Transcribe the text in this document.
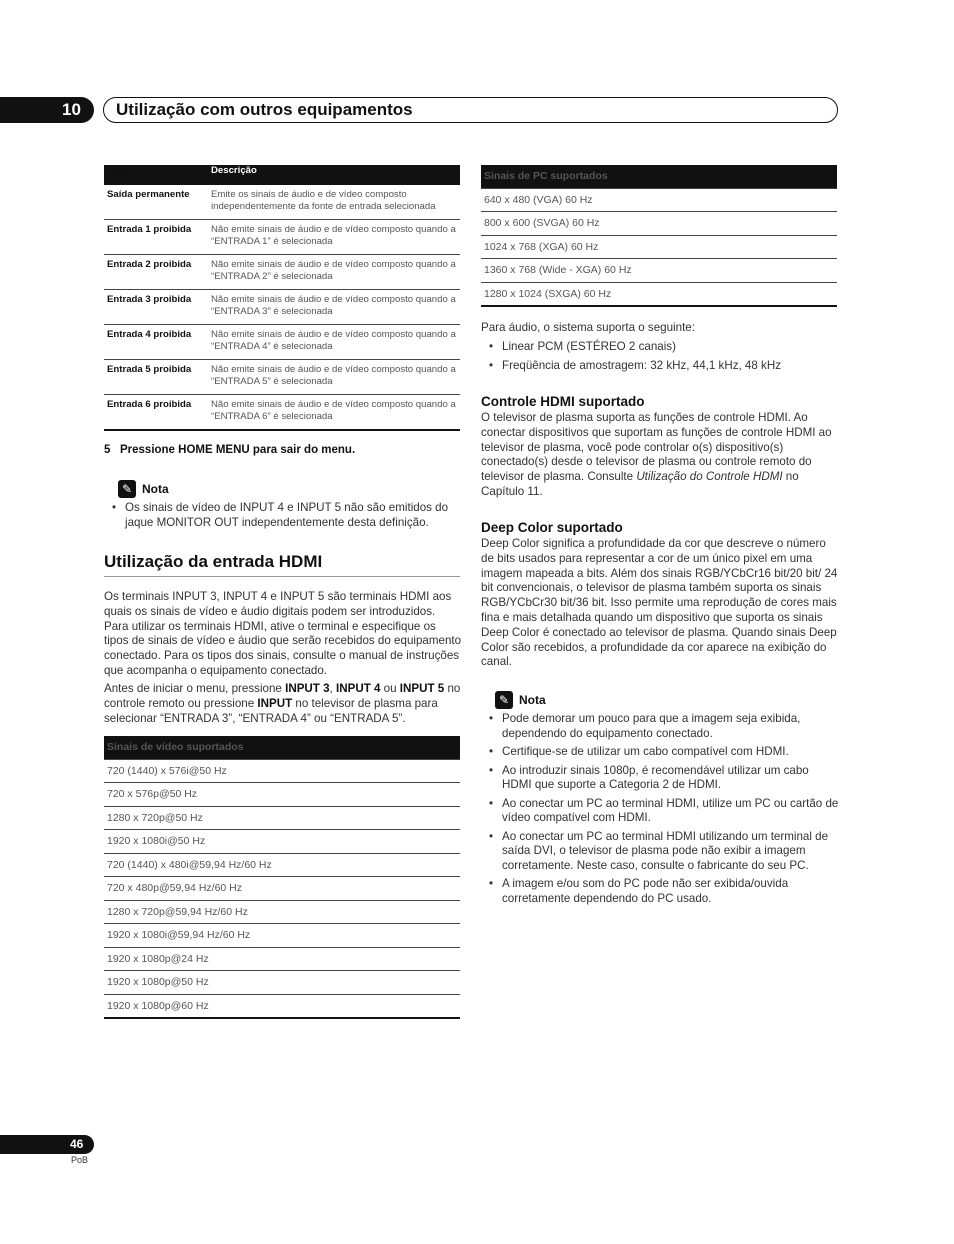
10 Utilização com outros equipamentos
Item	Descrição
Saída permanente	Emite os sinais de áudio e de vídeo composto independentemente da fonte de entrada selecionada
Entrada 1 proibida	Não emite sinais de áudio e de vídeo composto quando a “ENTRADA 1” é selecionada
Entrada 2 proibida	Não emite sinais de áudio e de vídeo composto quando a “ENTRADA 2” é selecionada
Entrada 3 proibida	Não emite sinais de áudio e de vídeo composto quando a “ENTRADA 3” é selecionada
Entrada 4 proibida	Não emite sinais de áudio e de vídeo composto quando a “ENTRADA 4” é selecionada
Entrada 5 proibida	Não emite sinais de áudio e de vídeo composto quando a “ENTRADA 5” é selecionada
Entrada 6 proibida	Não emite sinais de áudio e de vídeo composto quando a “ENTRADA 6” é selecionada
5   Pressione HOME MENU para sair do menu.
✎ Nota
• Os sinais de vídeo de INPUT 4 e INPUT 5 não são emitidos do jaque MONITOR OUT independentemente desta definição.
Utilização da entrada HDMI

Os terminais INPUT 3, INPUT 4 e INPUT 5 são terminais HDMI aos quais os sinais de vídeo e áudio digitais podem ser introduzidos. Para utilizar os terminais HDMI, ative o terminal e especifique os tipos de sinais de vídeo e áudio que serão recebidos do equipamento conectado. Para os tipos dos sinais, consulte o manual de instruções que acompanha o equipamento conectado.

Antes de iniciar o menu, pressione INPUT 3, INPUT 4 ou INPUT 5 no controle remoto ou pressione INPUT no televisor de plasma para selecionar “ENTRADA 3”, “ENTRADA 4” ou “ENTRADA 5”.

Sinais de vídeo suportados
720 (1440) x 576i@50 Hz
720 x 576p@50 Hz
1280 x 720p@50 Hz
1920 x 1080i@50 Hz
720 (1440) x 480i@59,94 Hz/60 Hz
720 x 480p@59,94 Hz/60 Hz
1280 x 720p@59,94 Hz/60 Hz
1920 x 1080i@59,94 Hz/60 Hz
1920 x 1080p@24 Hz
1920 x 1080p@50 Hz
1920 x 1080p@60 Hz
Sinais de PC suportados
640 x 480 (VGA) 60 Hz
800 x 600 (SVGA) 60 Hz
1024 x 768 (XGA) 60 Hz
1360 x 768 (Wide - XGA) 60 Hz
1280 x 1024 (SXGA) 60 Hz

Para áudio, o sistema suporta o seguinte:

• Linear PCM (ESTÉREO 2 canais)
• Freqüência de amostragem: 32 kHz, 44,1 kHz, 48 kHz
Controle HDMI suportado

O televisor de plasma suporta as funções de controle HDMI. Ao conectar dispositivos que suportam as funções de controle HDMI ao televisor de plasma, você pode controlar o(s) dispositivo(s) conectado(s) desde o televisor de plasma ou controle remoto do televisor de plasma. Consulte Utilização do Controle HDMI no Capítulo 11.

Deep Color suportado

Deep Color significa a profundidade da cor que descreve o número de bits usados para representar a cor de um único pixel em uma imagem mapeada a bits. Além dos sinais RGB/YCbCr16 bit/20 bit/ 24 bit convencionais, o televisor de plasma também suporta os sinais RGB/YCbCr30 bit/36 bit. Isso permite uma reprodução de cores mais fina e mais detalhada quando um dispositivo que suporta os sinais Deep Color é conectado ao televisor de plasma. Quando sinais Deep Color são recebidos, a profundidade da cor aparece na exibição do canal.

✎ Nota
• Pode demorar um pouco para que a imagem seja exibida, dependendo do equipamento conectado.
• Certifique-se de utilizar um cabo compatível com HDMI.
• Ao introduzir sinais 1080p, é recomendável utilizar um cabo HDMI que suporte a Categoria 2 de HDMI.
• Ao conectar um PC ao terminal HDMI, utilize um PC ou cartão de vídeo compatível com HDMI.
• Ao conectar um PC ao terminal HDMI utilizando um terminal de saída DVI, o televisor de plasma pode não exibir a imagem corretamente. Neste caso, consulte o fabricante do seu PC.
• A imagem e/ou som do PC pode não ser exibida/ouvida corretamente dependendo do PC usado.
46
PoB
